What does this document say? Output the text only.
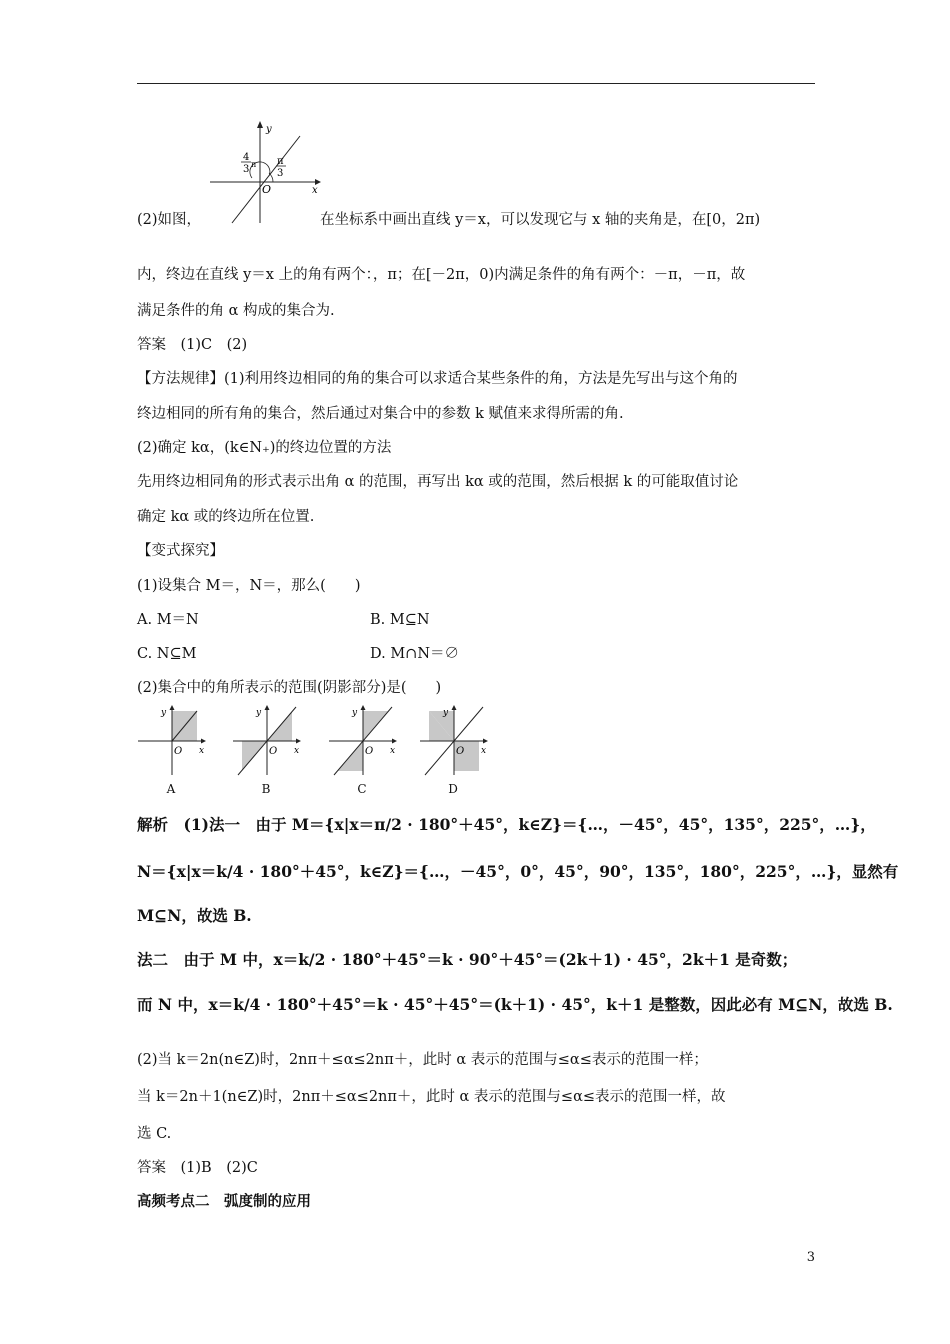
y
x
O
4
3 π π
3
(2)如图，	在坐标系中画出直线 y＝x，可以发现它与 x 轴的夹角是，在[0，2π)
内，终边在直线 y＝x 上的角有两个：，π；在[－2π，0)内满足条件的角有两个：－π，－π，故
满足条件的角 α 构成的集合为.
答案　(1)C　(2)
【方法规律】(1)利用终边相同的角的集合可以求适合某些条件的角，方法是先写出与这个角的
终边相同的所有角的集合，然后通过对集合中的参数 k 赋值来求得所需的角.
(2)确定 kα，(k∈N₊)的终边位置的方法
先用终边相同角的形式表示出角 α 的范围，再写出 kα 或的范围，然后根据 k 的可能取值讨论
确定 kα 或的终边所在位置.
【变式探究】
(1)设集合 M＝，N＝，那么(　　)
A. M＝N	B. M⊆N
C. N⊆M	D. M∩N＝∅
(2)集合中的角所表示的范围(阴影部分)是(　　)
y
x
O
y
x
O
y
x
O
y
x
O
A	B	C	D
解析　(1)法一　由于 M＝{x|x＝π/2 · 180°＋45°，k∈Z}＝{…，－45°，45°，135°，225°，…}，
N＝{x|x＝k/4 · 180°＋45°，k∈Z}＝{…，－45°，0°，45°，90°，135°，180°，225°，…}，显然有
M⊆N，故选 B.
法二　由于 M 中，x＝k/2 · 180°＋45°＝k · 90°＋45°＝(2k＋1) · 45°，2k＋1 是奇数；
而 N 中，x＝k/4 · 180°＋45°＝k · 45°＋45°＝(k＋1) · 45°，k＋1 是整数，因此必有 M⊆N，故选 B.
(2)当 k＝2n(n∈Z)时，2nπ＋≤α≤2nπ＋，此时 α 表示的范围与≤α≤表示的范围一样；
当 k＝2n＋1(n∈Z)时，2nπ＋≤α≤2nπ＋，此时 α 表示的范围与≤α≤表示的范围一样，故
选 C.
答案　(1)B　(2)C
高频考点二　弧度制的应用
3
